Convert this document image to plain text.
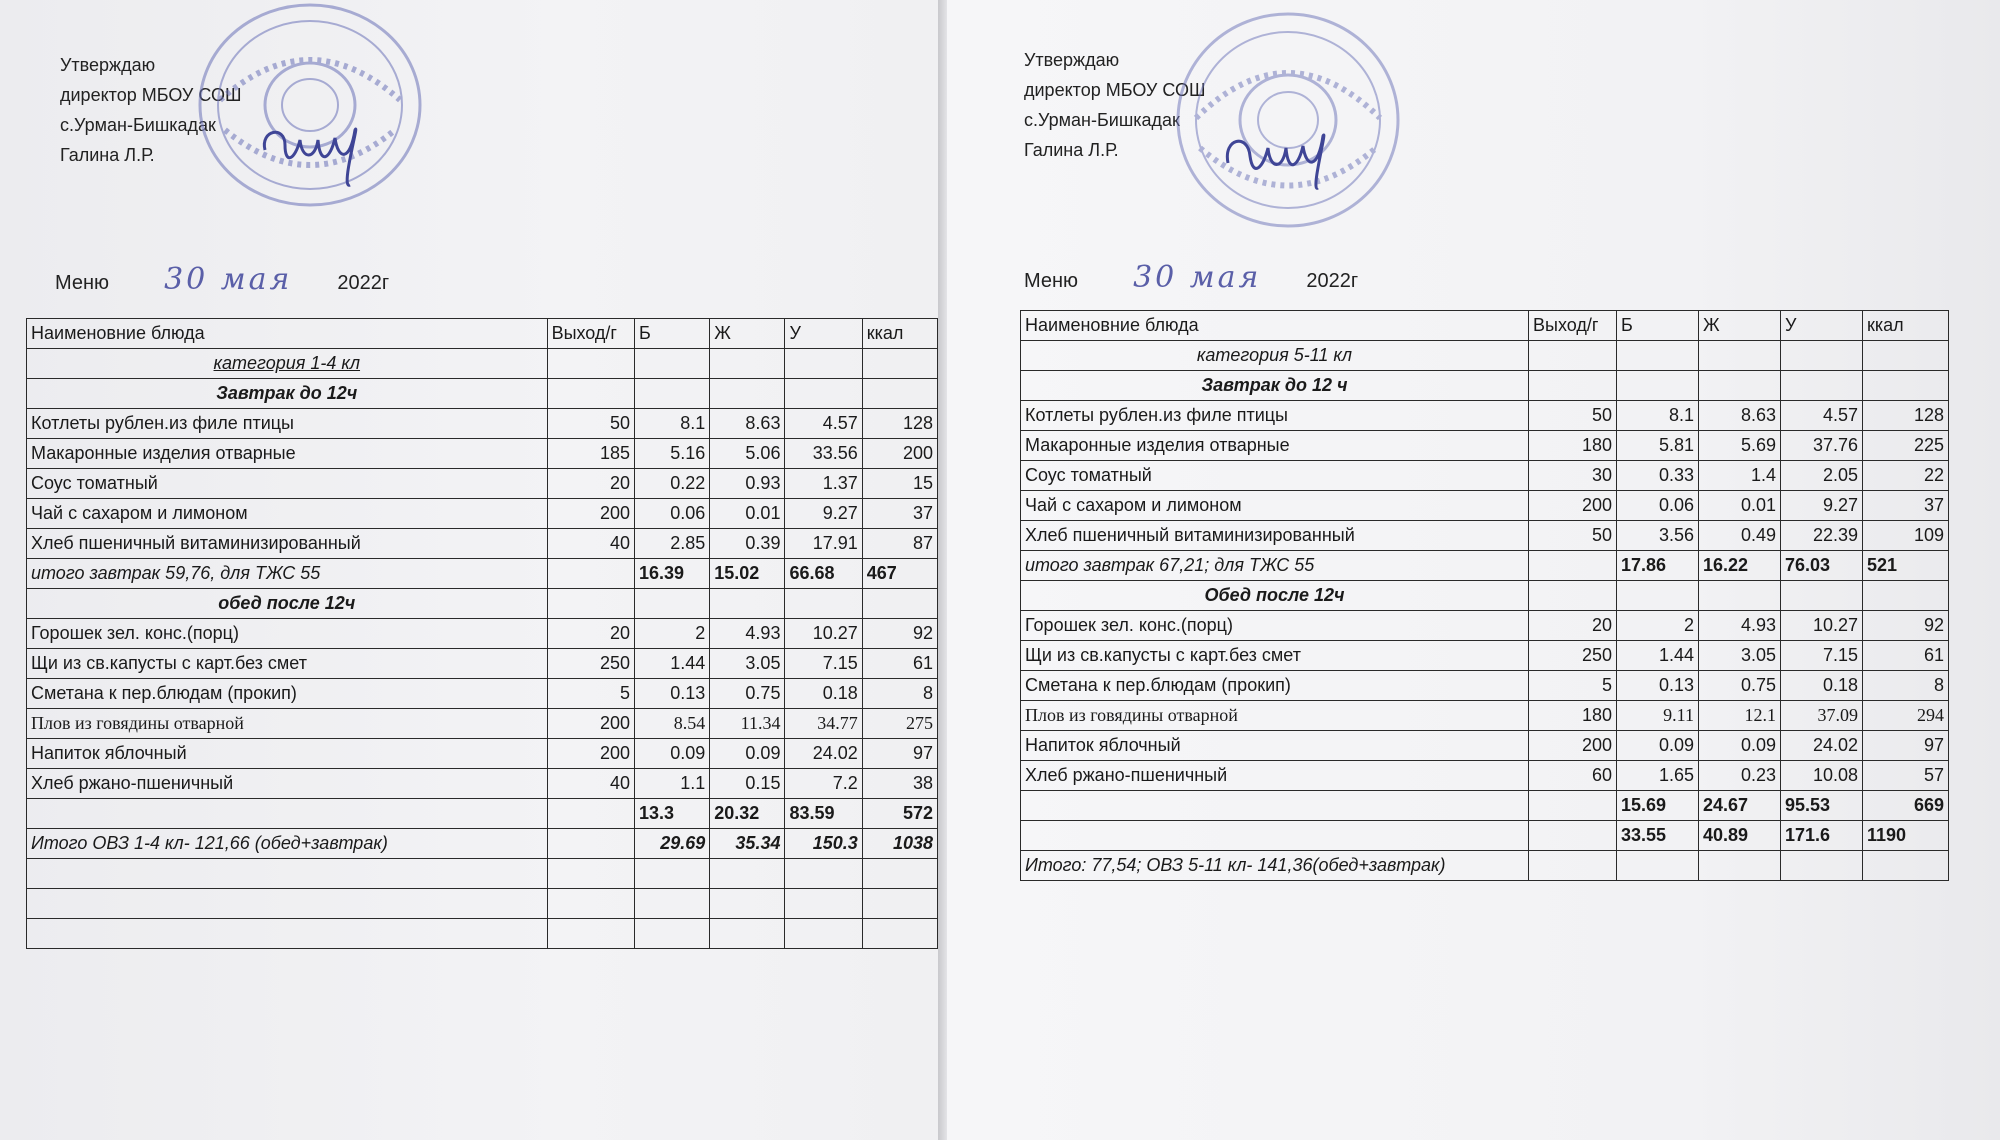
Утверждаю
директор МБОУ СОШ
с.Урман-Бишкадак
Галина Л.Р.
Меню 30 мая 2022г
Утверждаю
директор МБОУ СОШ
с.Урман-Бишкадак
Галина Л.Р.
Меню 30 мая 2022г
Наименовние блюда	Выход/г	Б	Ж	У	ккал
категория 1-4 кл					
Завтрак до 12ч					
Котлеты рублен.из филе птицы	50	8.1	8.63	4.57	128
Макаронные изделия отварные	185	5.16	5.06	33.56	200
Соус томатный	20	0.22	0.93	1.37	15
Чай с сахаром и лимоном	200	0.06	0.01	9.27	37
Хлеб пшеничный витаминизированный	40	2.85	0.39	17.91	87
итого завтрак 59,76, для ТЖС 55		16.39	15.02	66.68	467
обед после 12ч					
Горошек зел. конс.(порц)	20	2	4.93	10.27	92
Щи из св.капусты с карт.без смет	250	1.44	3.05	7.15	61
Сметана к пер.блюдам (прокип)	5	0.13	0.75	0.18	8
Плов из говядины отварной	200	8.54	11.34	34.77	275
Напиток яблочный	200	0.09	0.09	24.02	97
Хлеб ржано-пшеничный	40	1.1	0.15	7.2	38
		13.3	20.32	83.59	572
Итого ОВЗ 1-4 кл- 121,66 (обед+завтрак)		29.69	35.34	150.3	1038

Наименовние блюда	Выход/г	Б	Ж	У	ккал
категория 5-11 кл					
Завтрак до 12 ч					
Котлеты рублен.из филе птицы	50	8.1	8.63	4.57	128
Макаронные изделия отварные	180	5.81	5.69	37.76	225
Соус томатный	30	0.33	1.4	2.05	22
Чай с сахаром и лимоном	200	0.06	0.01	9.27	37
Хлеб пшеничный витаминизированный	50	3.56	0.49	22.39	109
итого завтрак 67,21; для ТЖС 55		17.86	16.22	76.03	521
Обед после 12ч					
Горошек зел. конс.(порц)	20	2	4.93	10.27	92
Щи из св.капусты с карт.без смет	250	1.44	3.05	7.15	61
Сметана к пер.блюдам (прокип)	5	0.13	0.75	0.18	8
Плов из говядины отварной	180	9.11	12.1	37.09	294
Напиток яблочный	200	0.09	0.09	24.02	97
Хлеб ржано-пшеничный	60	1.65	0.23	10.08	57
		15.69	24.67	95.53	669
		33.55	40.89	171.6	1190
Итого: 77,54; ОВЗ 5-11 кл- 141,36(обед+завтрак)					
